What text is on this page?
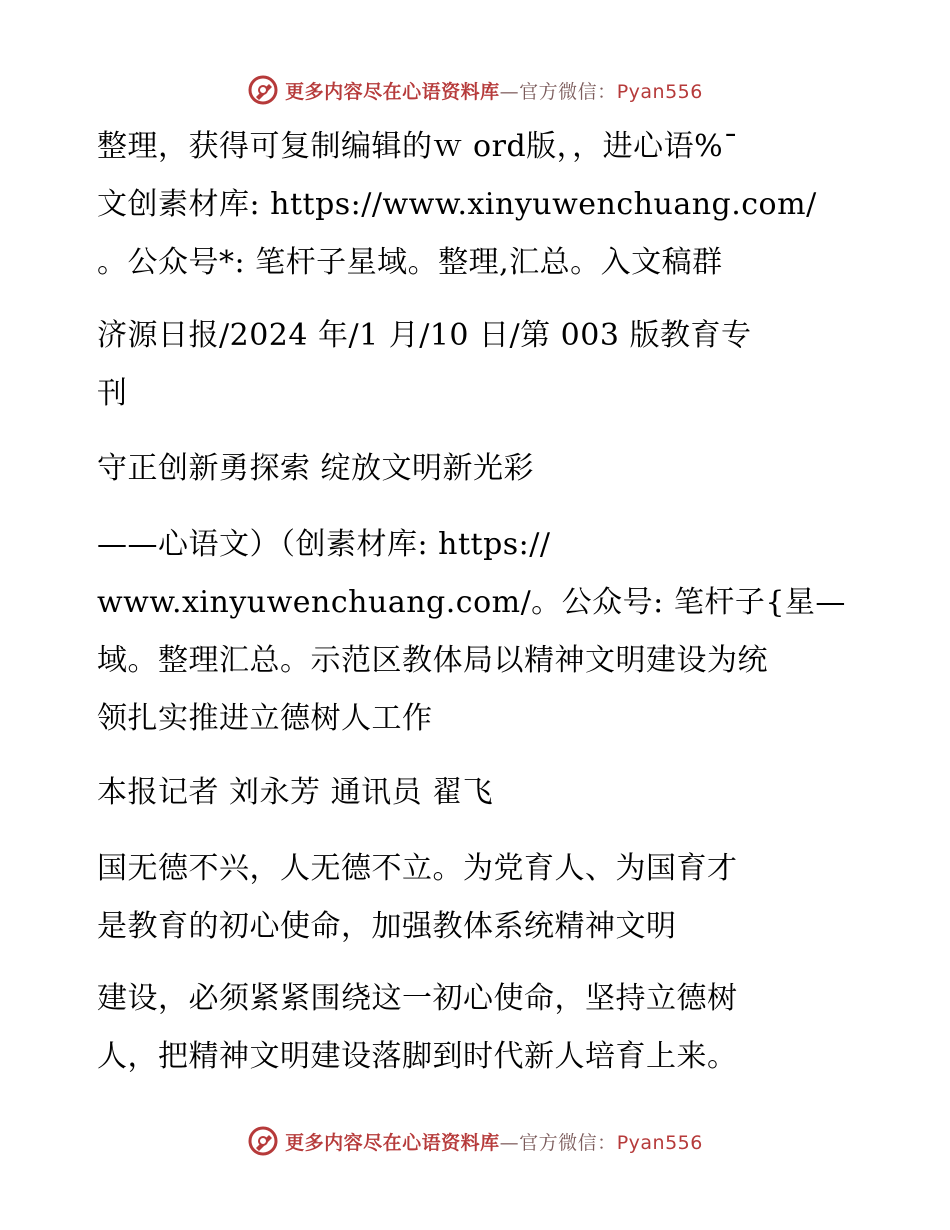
更多内容尽在心语资料库—官方微信：Pyan556
整理，获得可复制编辑的ｗ ord版，，进心语%¯
文创素材库: https://www.xinyuwenchuang.com/
。公众号*: 笔杆子星域。整理,汇总。入文稿群
济源日报/2024 年/1 月/10 日/第 003 版教育专
刊
守正创新勇探索 绽放文明新光彩
——心语文）（创素材库: https://
www.xinyuwenchuang.com/。公众号: 笔杆子{星—
域。整理汇总。示范区教体局以精神文明建设为统
领扎实推进立德树人工作
本报记者 刘永芳 通讯员 翟飞
国无德不兴，人无德不立。为党育人、为国育才
是教育的初心使命，加强教体系统精神文明
建设，必须紧紧围绕这一初心使命，坚持立德树
人，把精神文明建设落脚到时代新人培育上来。
更多内容尽在心语资料库—官方微信：Pyan556
